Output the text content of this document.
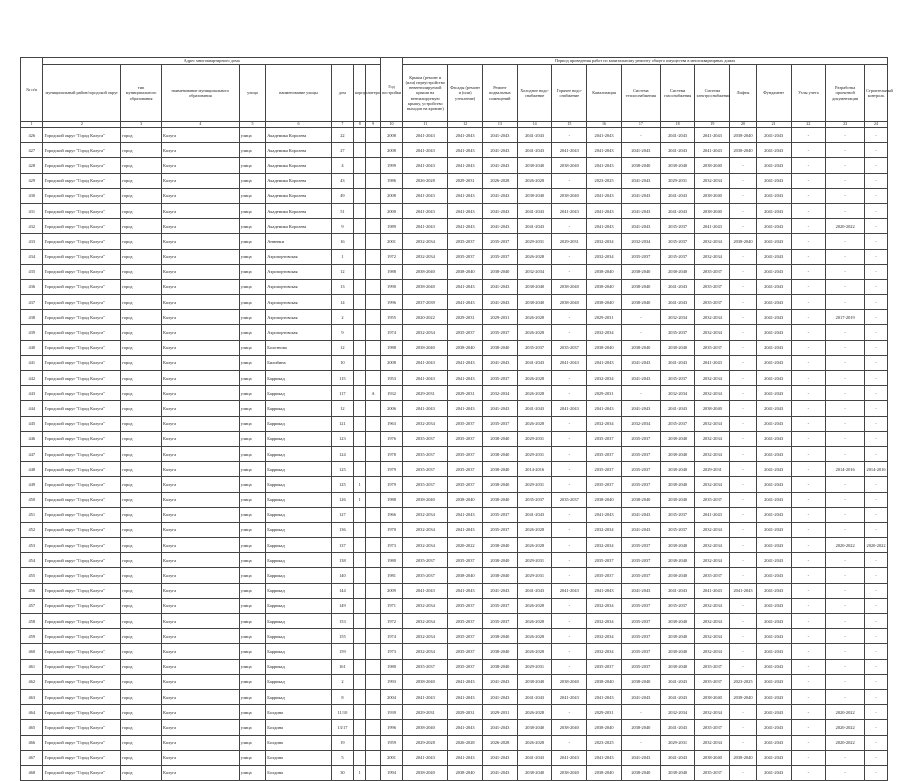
№ п/п	Адрес многоквартирного дома								Год постройки	Период проведения работ по капитальному ремонту общего имущества в многоквартирных домах													
	муниципальный район/городской округ	тип муниципального образования	наименование муниципального образования	улица	наименование улицы	дом	корпус	литера		Крыша (ремонт и (или) переустройство невентилируемой крыши на вентилируемую крышу, устройство выходов на кровлю)	Фасады (ремонт и (или) утепление)	Ремонт подвальных помещений	Холодное водо-снабжение	Горячее водо-снабжение	Канализация	Система теплоснабжения	Система газоснабжения	Система электроснабжения	Лифты	Фундамент	Узлы учета	Разработка проектной документации	Строительный контроль
1	2	3	4	5	6	7	8	9	10	11	12	13	14	15	16	17	18	19	20	21	22	23	24
426	Городской округ "Город Калуга"	город	Калуга	улица	Академика Королева	22			2008	2041-2043	2041-2043	2041-2043	2041-2043	-	2041-2043	-	2041-2043	2041-2043	2038-2040	2041-2043	-	-	-
427	Городской округ "Город Калуга"	город	Калуга	улица	Академика Королева	27			2008	2041-2043	2041-2043	2041-2043	2041-2043	2041-2043	2041-2043	2041-2043	2041-2043	2041-2043	2038-2040	2041-2043	-	-	-
428	Городской округ "Город Калуга"	город	Калуга	улица	Академика Королева	4			1999	2041-2043	2041-2043	2041-2043	2038-2040	2038-2040	2041-2043	2038-2040	2038-2040	2038-2040	-	2041-2043	-	-	-
429	Городской округ "Город Калуга"	город	Калуга	улица	Академика Королева	43			1986	2026-2028	2029-2031	2026-2028	2026-2028	-	2023-2025	2041-2043	2029-2031	2032-2034	-	2041-2043	-	-	-
430	Городской округ "Город Калуга"	город	Калуга	улица	Академика Королева	49			2008	2041-2043	2041-2043	2041-2043	2038-2040	2038-2040	2041-2043	2041-2043	2041-2043	2038-2040	-	2041-2043	-	-	-
431	Городской округ "Город Калуга"	город	Калуга	улица	Академика Королева	51			2000	2041-2043	2041-2043	2041-2043	2041-2043	2041-2043	2041-2043	2041-2043	2041-2043	2038-2040	-	2041-2043	-	-	-
432	Городской округ "Город Калуга"	город	Калуга	улица	Академика Королева	9			1989	2041-2043	2041-2043	2041-2043	2041-2043	-	2041-2043	2041-2043	2035-2037	2041-2043	-	2041-2043	-	2020-2022	-
433	Городской округ "Город Калуга"	город	Калуга	улица	Анненки	16			2001	2032-2034	2035-2037	2035-2037	2029-2031	2029-2031	2032-2034	2032-2034	2035-2037	2032-2034	2038-2040	2041-2043	-	-	-
434	Городской округ "Город Калуга"	город	Калуга	улица	Аэропортовская	1			1972	2032-2034	2035-2037	2035-2037	2026-2028	-	2032-2034	2035-2037	2035-2037	2032-2034	-	2041-2043	-	-	-
435	Городской округ "Город Калуга"	город	Калуга	улица	Аэропортовская	12			1988	2038-2040	2038-2040	2038-2040	2032-2034	-	2038-2040	2038-2040	2038-2040	2035-2037	-	2041-2043	-	-	-
436	Городской округ "Город Калуга"	город	Калуга	улица	Аэропортовская	13			1990	2038-2040	2041-2043	2041-2043	2038-2040	2038-2040	2038-2040	2038-2040	2041-2043	2035-2037	-	2041-2043	-	-	-
437	Городской округ "Город Калуга"	город	Калуга	улица	Аэропортовская	14			1996	2037-2039	2041-2043	2041-2043	2038-2040	2038-2040	2038-2040	2038-2040	2041-2043	2035-2037	-	2041-2043	-	-	-
438	Городской округ "Город Калуга"	город	Калуга	улица	Аэропортовская	2			1955	2020-2022	2029-2031	2029-2031	2026-2028	-	2029-2031	-	2032-2034	2032-2034	-	2041-2043	-	2017-2019	-
439	Городской округ "Город Калуга"	город	Калуга	улица	Аэропортовская	9			1974	2032-2034	2035-2037	2035-2037	2026-2028	-	2032-2034	-	2035-2037	2032-2034	-	2041-2043	-	-	-
440	Городской округ "Город Калуга"	город	Калуга	улица	Болотнова	12			1988	2038-2040	2038-2040	2038-2040	2035-2037	2035-2037	2038-2040	2038-2040	2038-2040	2035-2037	-	2041-2043	-	-	-
441	Городской округ "Город Калуга"	город	Калуга	улица	Билибина	10			2008	2041-2043	2041-2043	2041-2043	2041-2043	2041-2043	2041-2043	2041-2043	2041-2043	2041-2043	-	2041-2043	-	-	-
442	Городской округ "Город Калуга"	город	Калуга	улица	Баррикад	115			1953	2041-2043	2041-2043	2035-2037	2026-2028	-	2032-2034	2041-2043	2035-2037	2032-2034	-	2041-2043	-	-	-
443	Городской округ "Город Калуга"	город	Калуга	улица	Баррикад	117		А	1932	2029-2031	2029-2031	2032-2034	2026-2028	-	2029-2031	-	2032-2034	2032-2034	-	2041-2043	-	-	-
444	Городской округ "Город Калуга"	город	Калуга	улица	Баррикад	12			2006	2041-2043	2041-2043	2041-2043	2041-2043	2041-2043	2041-2043	2041-2043	2041-2043	2038-2040	-	2041-2043	-	-	-
445	Городской округ "Город Калуга"	город	Калуга	улица	Баррикад	121			1963	2032-2034	2035-2037	2035-2037	2026-2028	-	2032-2034	2032-2034	2035-2037	2032-2034	-	2041-2043	-	-	-
446	Городской округ "Город Калуга"	город	Калуга	улица	Баррикад	123			1976	2035-2037	2035-2037	2038-2040	2029-2031	-	2035-2037	2035-2037	2038-2040	2032-2034	-	2041-2043	-	-	-
447	Городской округ "Город Калуга"	город	Калуга	улица	Баррикад	124			1978	2035-2037	2035-2037	2038-2040	2029-2031	-	2035-2037	2035-2037	2038-2040	2032-2034	-	2041-2043	-	-	-
448	Городской округ "Город Калуга"	город	Калуга	улица	Баррикад	125			1979	2035-2037	2035-2037	2038-2040	2014-2016	-	2035-2037	2035-2037	2038-2040	2029-2031	-	2041-2043	-	2014-2016	2014-2016
449	Городской округ "Город Калуга"	город	Калуга	улица	Баррикад	125	1		1979	2035-2037	2035-2037	2038-2040	2029-2031	-	2035-2037	2035-2037	2038-2040	2032-2034	-	2041-2043	-	-	-
450	Городской округ "Город Калуга"	город	Калуга	улица	Баррикад	126	1		1988	2038-2040	2038-2040	2038-2040	2035-2037	2035-2037	2038-2040	2038-2040	2038-2040	2035-2037	-	2041-2043	-	-	-
451	Городской округ "Город Калуга"	город	Калуга	улица	Баррикад	127			1966	2032-2034	2041-2043	2035-2037	2041-2043	-	2041-2043	2041-2043	2035-2037	2041-2043	-	2041-2043	-	-	-
452	Городской округ "Город Калуга"	город	Калуга	улица	Баррикад	136			1970	2032-2034	2041-2043	2035-2037	2026-2028	-	2032-2034	2041-2043	2035-2037	2032-2034	-	2041-2043	-	-	-
453	Городской округ "Город Калуга"	город	Калуга	улица	Баррикад	137			1973	2032-2034	2020-2022	2038-2040	2026-2028	-	2032-2034	2035-2037	2038-2040	2032-2034	-	2041-2043	-	2020-2022	2020-2022
454	Городской округ "Город Калуга"	город	Калуга	улица	Баррикад	138			1980	2035-2037	2035-2037	2038-2040	2029-2031	-	2035-2037	2035-2037	2038-2040	2032-2034	-	2041-2043	-	-	-
455	Городской округ "Город Калуга"	город	Калуга	улица	Баррикад	140			1981	2035-2037	2038-2040	2038-2040	2029-2031	-	2035-2037	2035-2037	2038-2040	2035-2037	-	2041-2043	-	-	-
456	Городской округ "Город Калуга"	город	Калуга	улица	Баррикад	144			2009	2041-2043	2041-2043	2041-2043	2041-2043	2041-2043	2041-2043	2041-2043	2041-2043	2041-2043	2041-2043	2041-2043	-	-	-
457	Городской округ "Город Калуга"	город	Калуга	улица	Баррикад	149			1971	2032-2034	2035-2037	2035-2037	2026-2028	-	2032-2034	2035-2037	2035-2037	2032-2034	-	2041-2043	-	-	-
458	Городской округ "Город Калуга"	город	Калуга	улица	Баррикад	153			1972	2032-2034	2035-2037	2035-2037	2026-2028	-	2032-2034	2035-2037	2038-2040	2032-2034	-	2041-2043	-	-	-
459	Городской округ "Город Калуга"	город	Калуга	улица	Баррикад	155			1974	2032-2034	2035-2037	2038-2040	2026-2028	-	2032-2034	2035-2037	2038-2040	2032-2034	-	2041-2043	-	-	-
460	Городской округ "Город Калуга"	город	Калуга	улица	Баррикад	159			1973	2032-2034	2035-2037	2038-2040	2026-2028	-	2032-2034	2035-2037	2038-2040	2032-2034	-	2041-2043	-	-	-
461	Городской округ "Город Калуга"	город	Калуга	улица	Баррикад	161			1980	2035-2037	2035-2037	2038-2040	2029-2031	-	2035-2037	2035-2037	2038-2040	2035-2037	-	2041-2043	-	-	-
462	Городской округ "Город Калуга"	город	Калуга	улица	Баррикад	2			1993	2038-2040	2041-2043	2041-2043	2038-2040	2038-2040	2038-2040	2038-2040	2041-2043	2035-2037	2023-2025	2041-2043	-	-	-
463	Городской округ "Город Калуга"	город	Калуга	улица	Баррикад	8			2004	2041-2043	2041-2043	2041-2043	2041-2043	2041-2043	2041-2043	2041-2043	2041-2043	2038-2040	2038-2040	2041-2043	-	-	-
464	Городской округ "Город Калуга"	город	Калуга	улица	Болдина	11/10			1939	2029-2031	2029-2031	2029-2031	2026-2028	-	2029-2031	-	2032-2034	2032-2034	-	2041-2043	-	2020-2022	-
465	Городской округ "Город Калуга"	город	Калуга	улица	Болдина	13/17			1996	2038-2040	2041-2043	2041-2043	2038-2040	2038-2040	2038-2040	2038-2040	2041-2043	2035-2037	-	2041-2043	-	2020-2022	-
466	Городской округ "Город Калуга"	город	Калуга	улица	Болдина	19			1959	2029-2028	2026-2028	2026-2028	2026-2028	-	2023-2025	-	2029-2031	2032-2034	-	2041-2043	-	2020-2022	-
467	Городской округ "Город Калуга"	город	Калуга	улица	Болдина	5			2001	2041-2043	2041-2043	2041-2043	2041-2043	2041-2043	2041-2043	2041-2043	2041-2043	2038-2040	2038-2040	2041-2043	-	-	-
468	Городской округ "Город Калуга"	город	Калуга	улица	Болдина	30	1		1994	2038-2040	2038-2040	2041-2043	2038-2040	2038-2040	2038-2040	2038-2040	2038-2040	2035-2037	-	2041-2043	-	-	-
